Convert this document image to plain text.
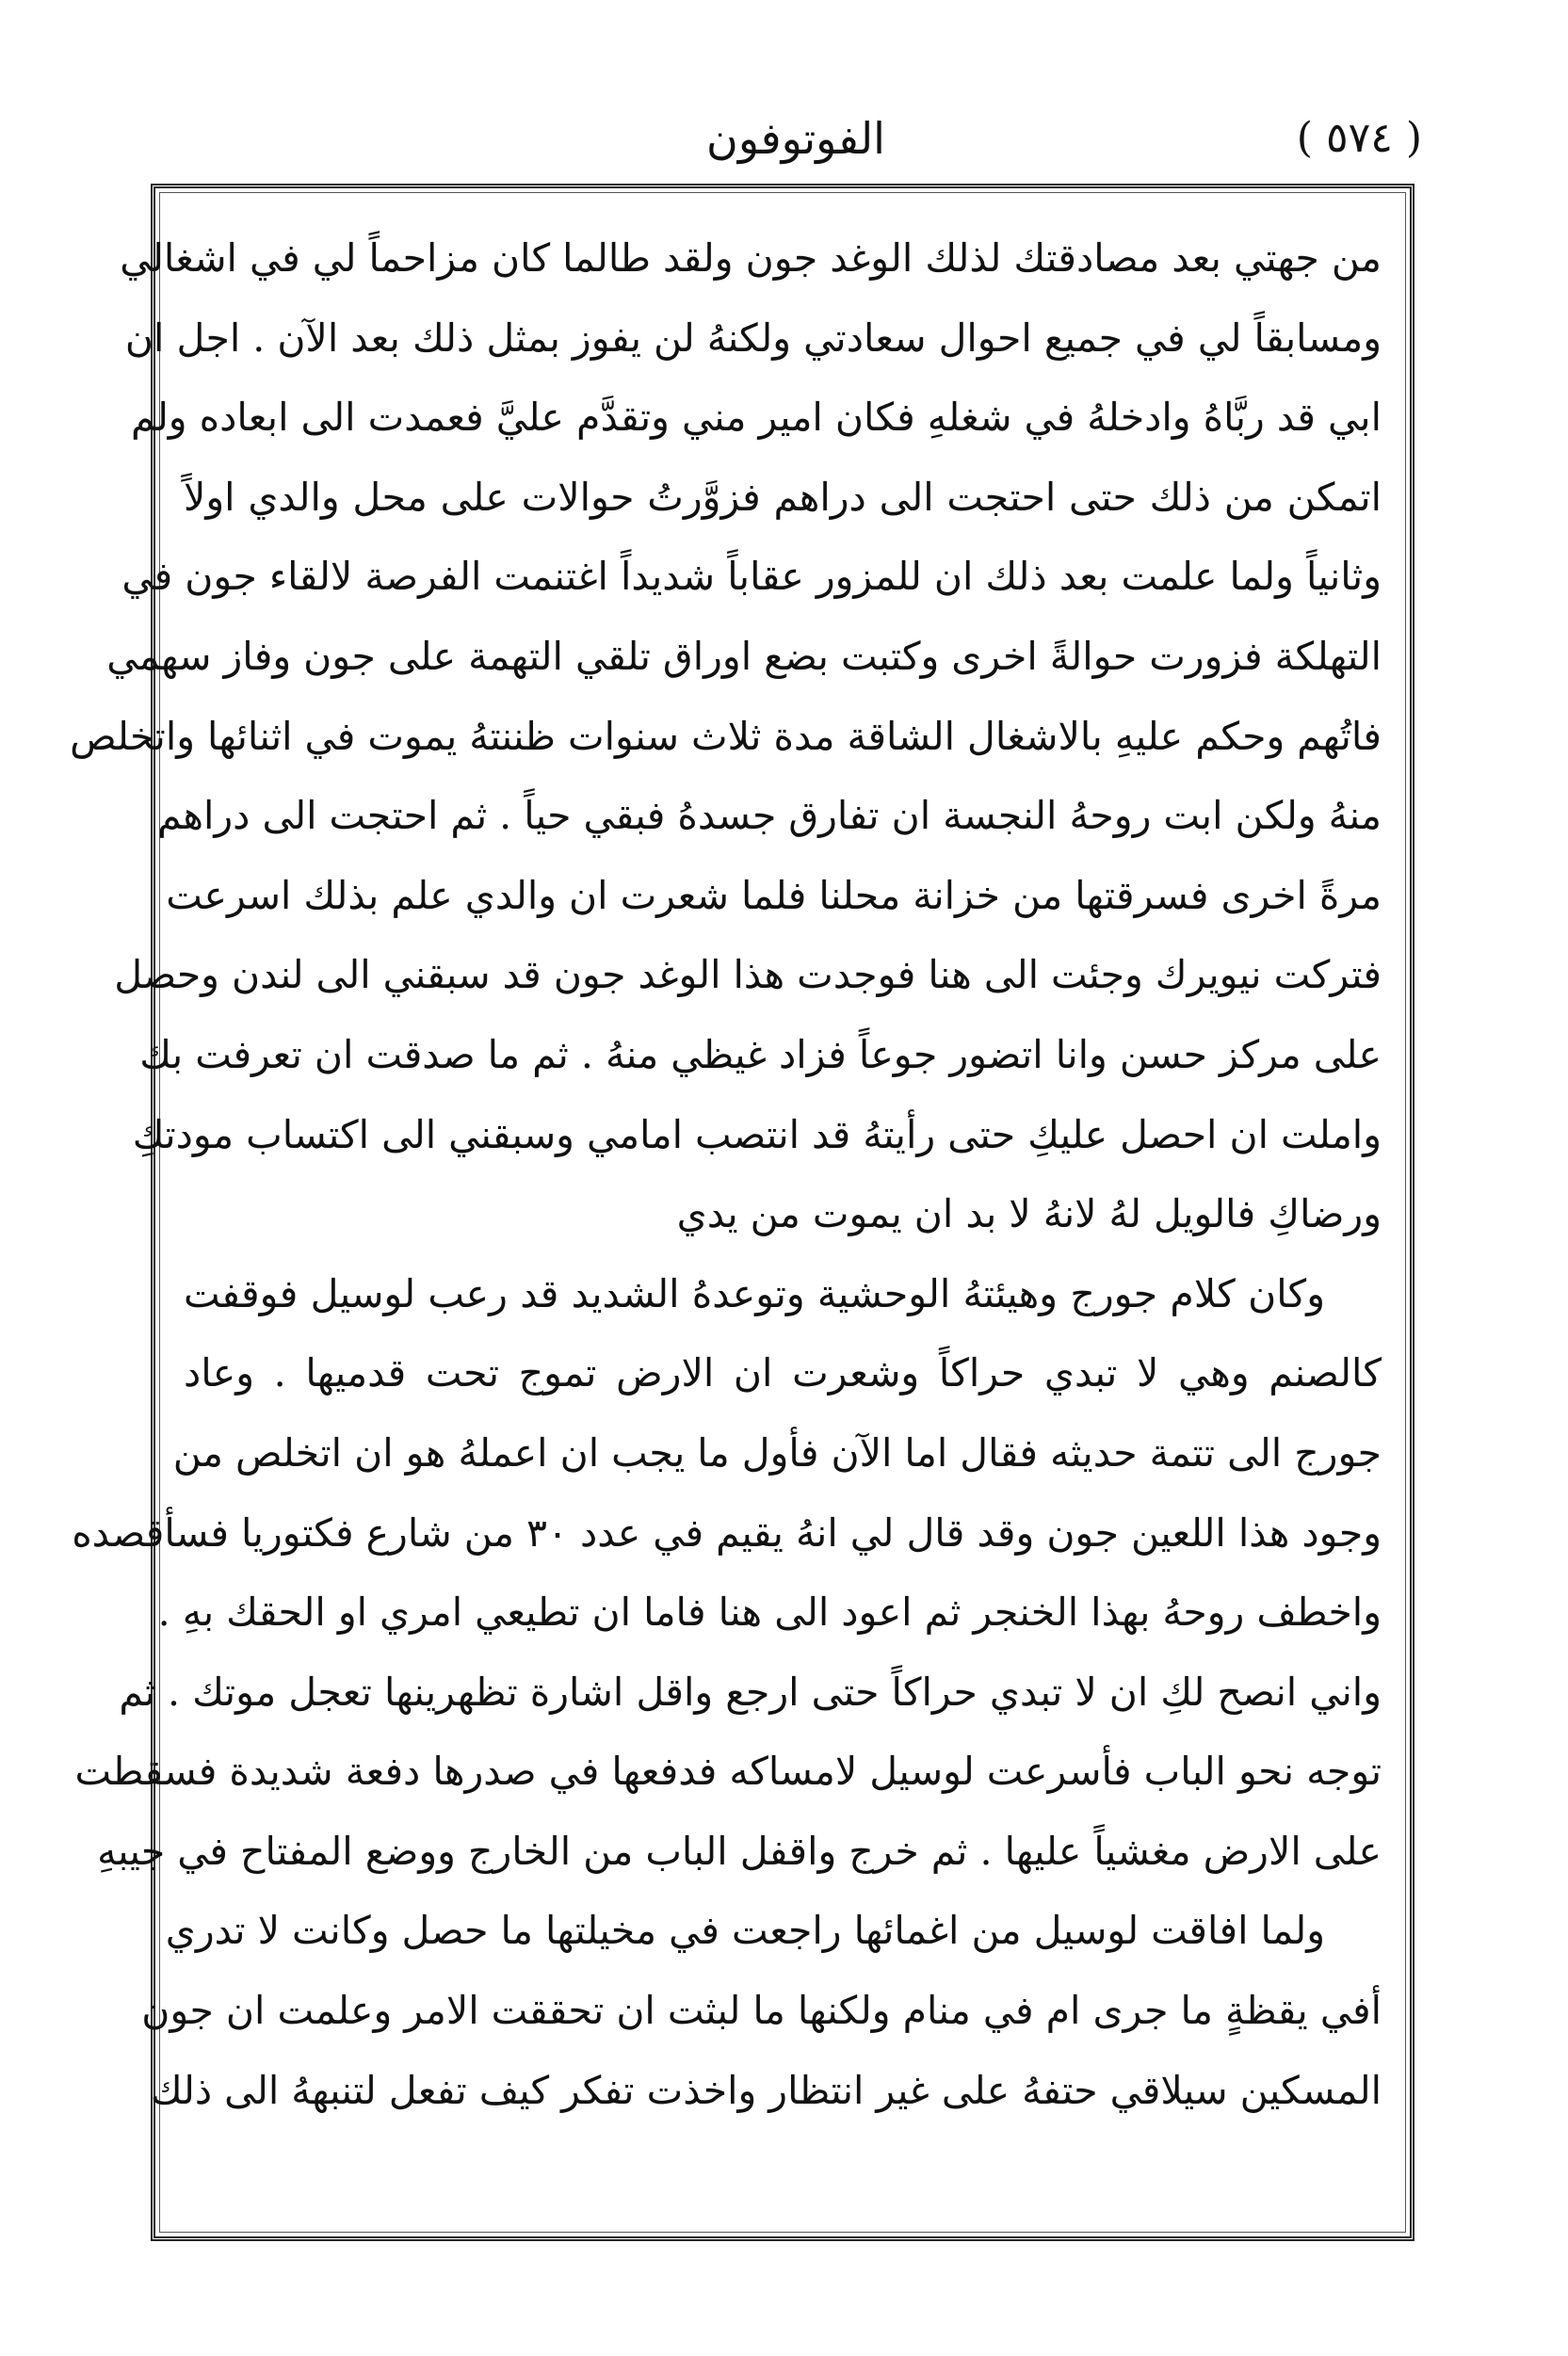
( ٥٧٤ )
الفوتوفون
من جهتي بعد مصادقتك لذلك الوغد جون ولقد طالما كان مزاحماً لي في اشغالي
ومسابقاً لي في جميع احوال سعادتي ولكنهُ لن يفوز بمثل ذلك بعد الآن . اجل ان
ابي قد ربَّاهُ وادخلهُ في شغلهِ فكان امير مني وتقدَّم عليَّ فعمدت الى ابعاده ولم
اتمكن من ذلك حتى احتجت الى دراهم فزوَّرتُ حوالات على محل والدي اولاً
وثانياً ولما علمت بعد ذلك ان للمزور عقاباً شديداً اغتنمت الفرصة لالقاء جون في
التهلكة فزورت حوالةً اخرى وكتبت بضع اوراق تلقي التهمة على جون وفاز سهمي
فاتُهم وحكم عليهِ بالاشغال الشاقة مدة ثلاث سنوات ظننتهُ يموت في اثنائها واتخلص
منهُ ولكن ابت روحهُ النجسة ان تفارق جسدهُ فبقي حياً . ثم احتجت الى دراهم
مرةً اخرى فسرقتها من خزانة محلنا فلما شعرت ان والدي علم بذلك اسرعت
فتركت نيويرك وجئت الى هنا فوجدت هذا الوغد جون قد سبقني الى لندن وحصل
على مركز حسن وانا اتضور جوعاً فزاد غيظي منهُ . ثم ما صدقت ان تعرفت بك
واملت ان احصل عليكِ حتى رأيتهُ قد انتصب امامي وسبقني الى اكتساب مودتكِ
ورضاكِ فالويل لهُ لانهُ لا بد ان يموت من يدي
وكان كلام جورج وهيئتهُ الوحشية وتوعدهُ الشديد قد رعب لوسيل فوقفت
كالصنم وهي لا تبدي حراكاً وشعرت ان الارض تموج تحت قدميها . وعاد
جورج الى تتمة حديثه فقال اما الآن فأول ما يجب ان اعملهُ هو ان اتخلص من
وجود هذا اللعين جون وقد قال لي انهُ يقيم في عدد ٣٠ من شارع فكتوريا فسأقصده
واخطف روحهُ بهذا الخنجر ثم اعود الى هنا فاما ان تطيعي امري او الحقك بهِ .
واني انصح لكِ ان لا تبدي حراكاً حتى ارجع واقل اشارة تظهرينها تعجل موتك . ثم
توجه نحو الباب فأسرعت لوسيل لامساكه فدفعها في صدرها دفعة شديدة فسقطت
على الارض مغشياً عليها . ثم خرج واقفل الباب من الخارج ووضع المفتاح في جيبهِ
ولما افاقت لوسيل من اغمائها راجعت في مخيلتها ما حصل وكانت لا تدري
أفي يقظةٍ ما جرى ام في منام ولكنها ما لبثت ان تحققت الامر وعلمت ان جون
المسكين سيلاقي حتفهُ على غير انتظار واخذت تفكر كيف تفعل لتنبههُ الى ذلك
